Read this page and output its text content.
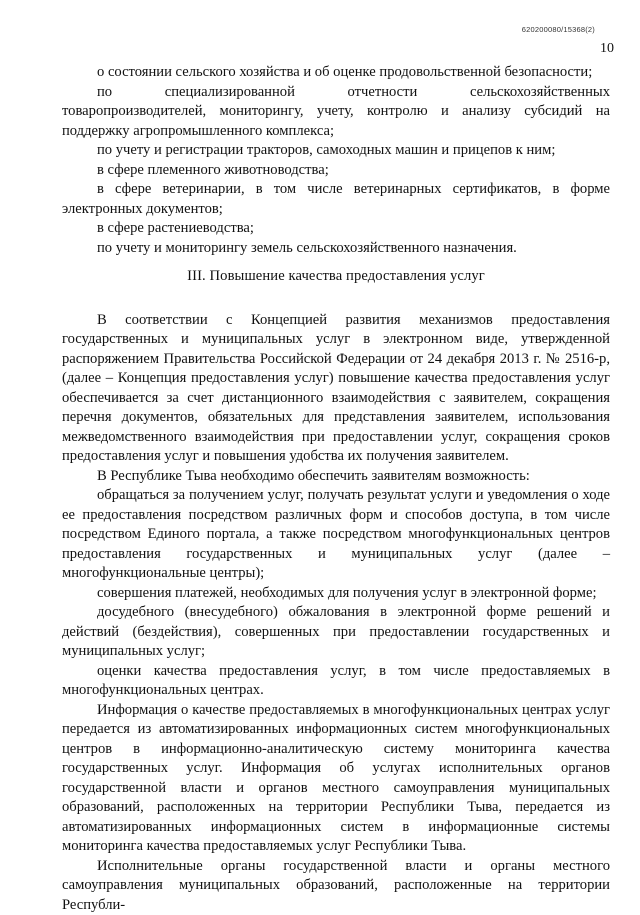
620200080/15368(2)
10

о состоянии сельского хозяйства и об оценке продовольственной безопасности;

по специализированной отчетности сельскохозяйственных товаропроизводителей, мониторингу, учету, контролю и анализу субсидий на поддержку агропромышленного комплекса;

по учету и регистрации тракторов, самоходных машин и прицепов к ним;

в сфере племенного животноводства;

в сфере ветеринарии, в том числе ветеринарных сертификатов, в форме электронных документов;

в сфере растениеводства;

по учету и мониторингу земель сельскохозяйственного назначения.

III. Повышение качества предоставления услуг

В соответствии с Концепцией развития механизмов предоставления государственных и муниципальных услуг в электронном виде, утвержденной распоряжением Правительства Российской Федерации от 24 декабря 2013 г. № 2516-р, (далее – Концепция предоставления услуг) повышение качества предоставления услуг обеспечивается за счет дистанционного взаимодействия с заявителем, сокращения перечня документов, обязательных для представления заявителем, использования межведомственного взаимодействия при предоставлении услуг, сокращения сроков предоставления услуг и повышения удобства их получения заявителем.

В Республике Тыва необходимо обеспечить заявителям возможность:

обращаться за получением услуг, получать результат услуги и уведомления о ходе ее предоставления посредством различных форм и способов доступа, в том числе посредством Единого портала, а также посредством многофункциональных центров предоставления государственных и муниципальных услуг (далее – многофункциональные центры);

совершения платежей, необходимых для получения услуг в электронной форме;

досудебного (внесудебного) обжалования в электронной форме решений и действий (бездействия), совершенных при предоставлении государственных и муниципальных услуг;

оценки качества предоставления услуг, в том числе предоставляемых в многофункциональных центрах.

Информация о качестве предоставляемых в многофункциональных центрах услуг передается из автоматизированных информационных систем многофункциональных центров в информационно-аналитическую систему мониторинга качества государственных услуг. Информация об услугах исполнительных органов государственной власти и органов местного самоуправления муниципальных образований, расположенных на территории Республики Тыва, передается из автоматизированных информационных систем в информационные системы мониторинга качества предоставляемых услуг Республики Тыва.

Исполнительные органы государственной власти и органы местного самоуправления муниципальных образований, расположенные на территории Республи-
